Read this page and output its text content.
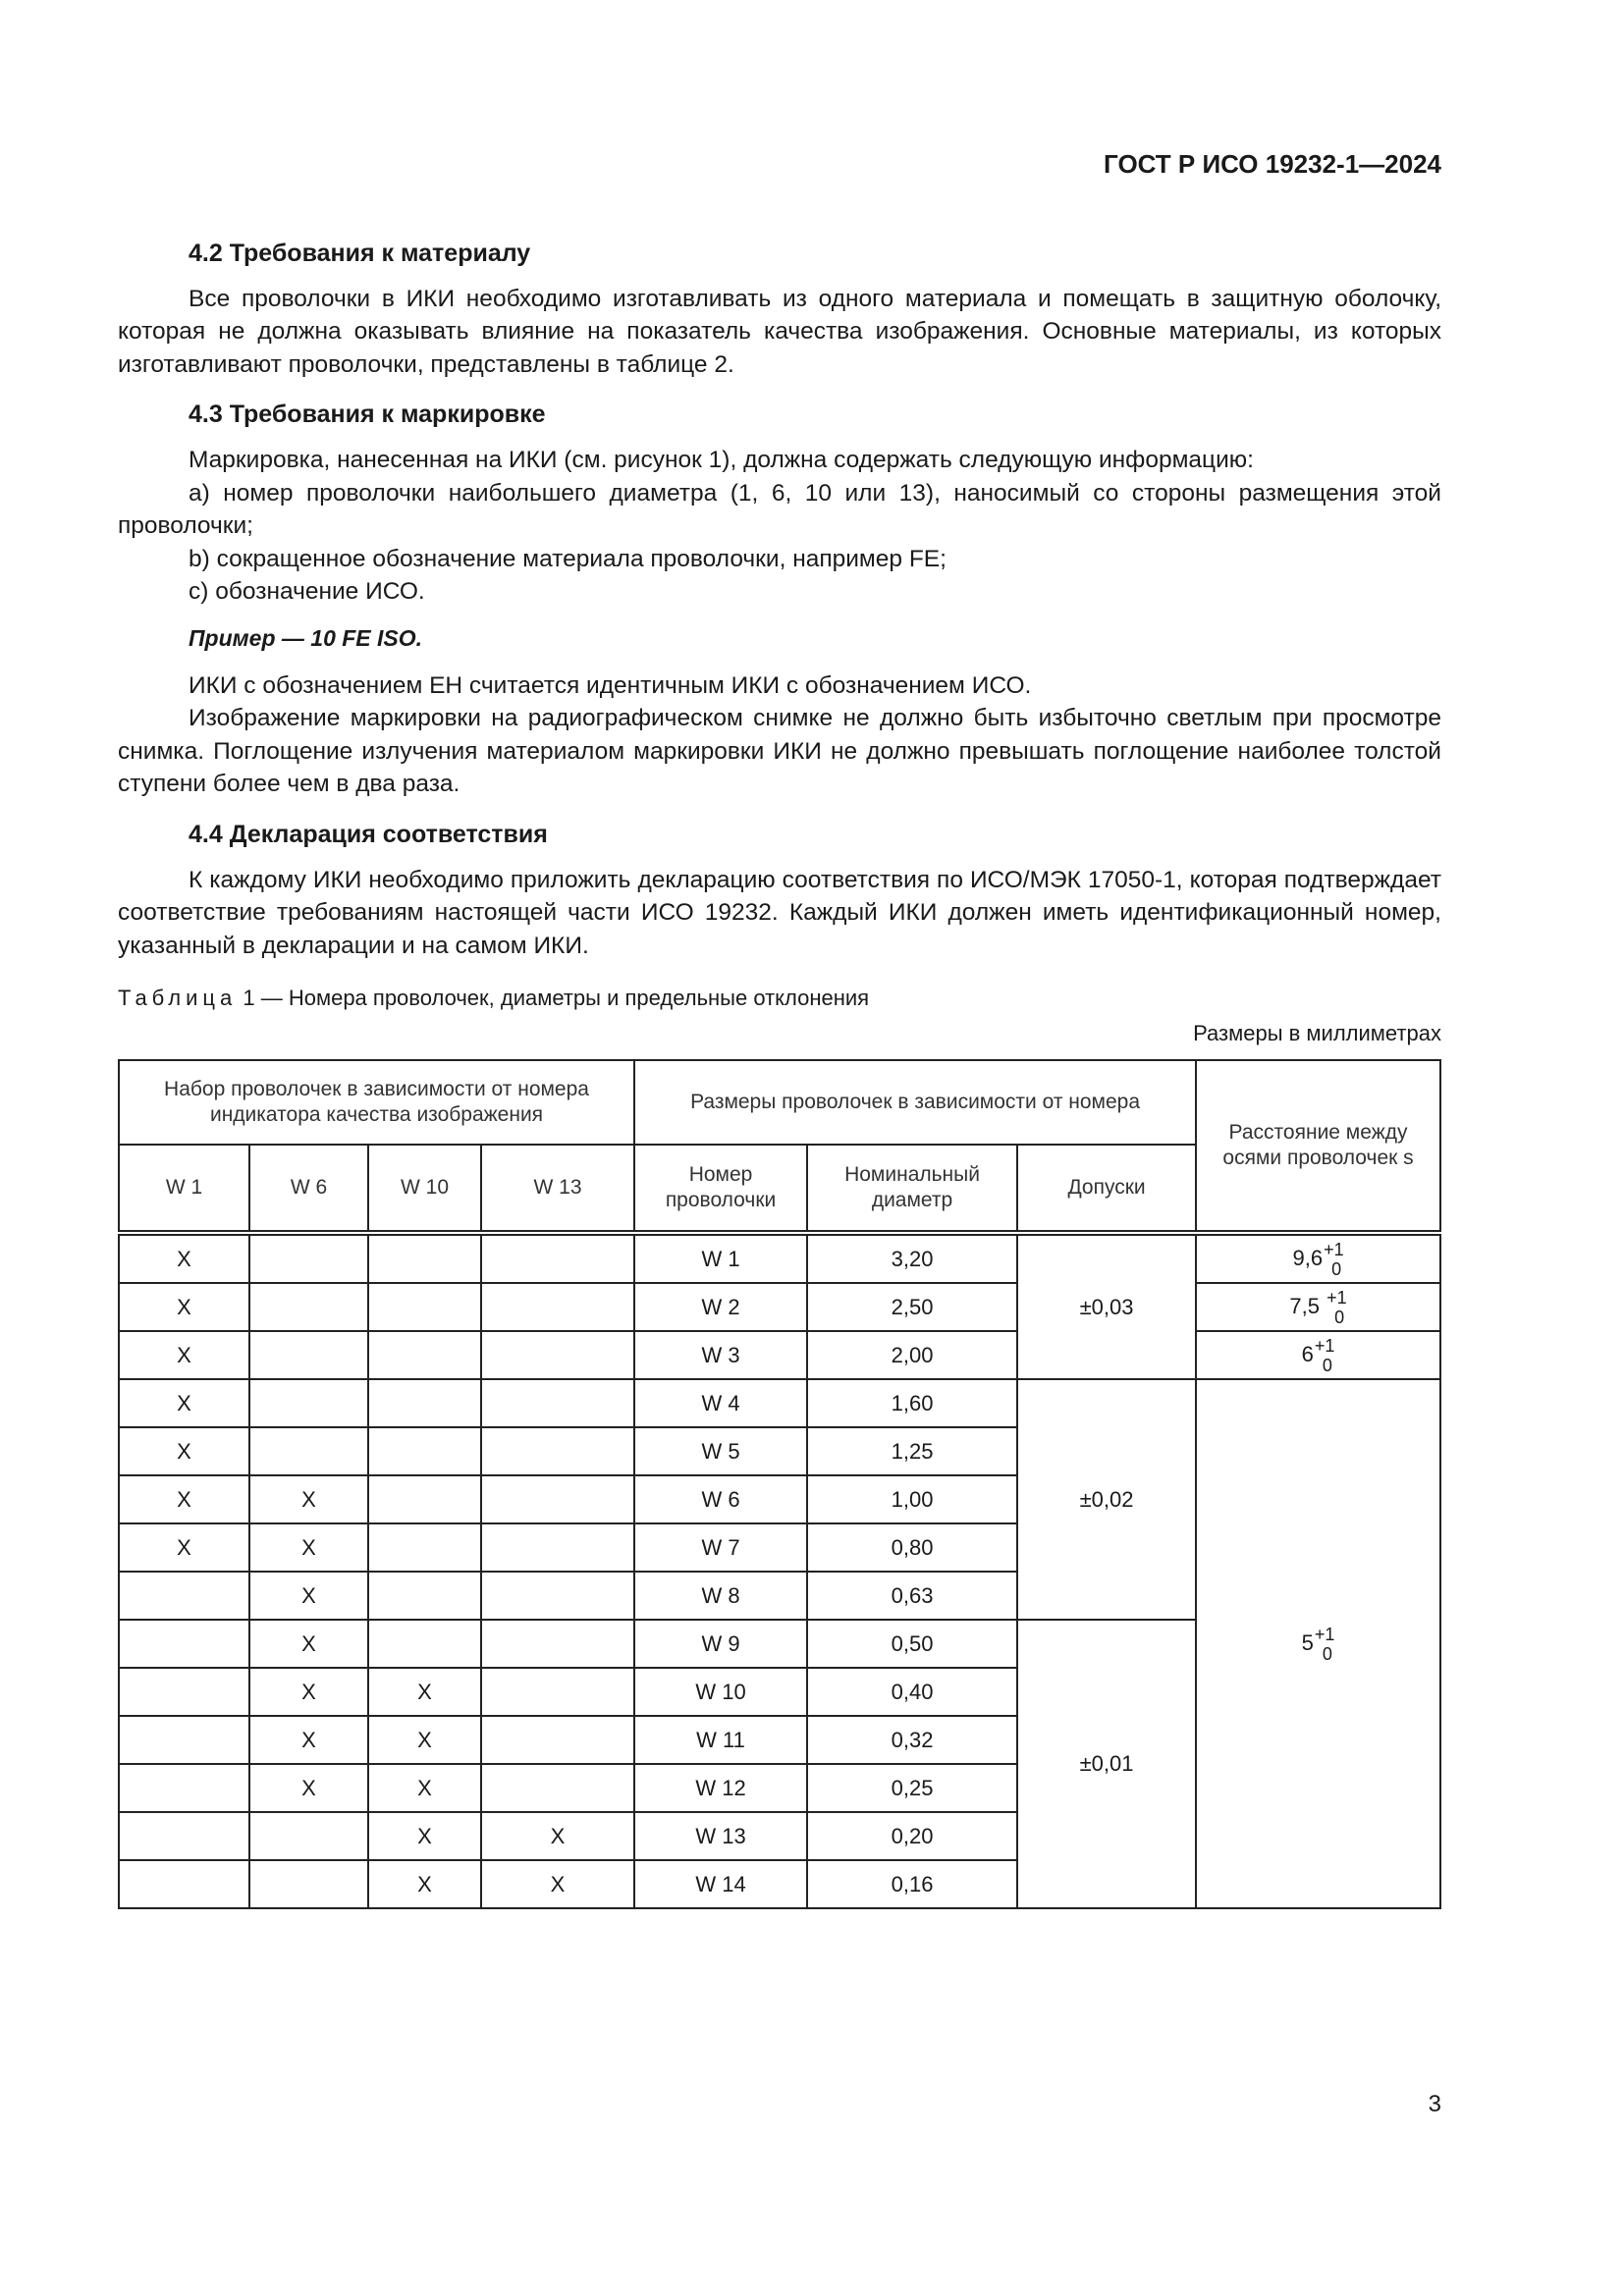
ГОСТ Р ИСО 19232-1—2024
4.2 Требования к материалу

Все проволочки в ИКИ необходимо изготавливать из одного материала и помещать в защитную оболочку, которая не должна оказывать влияние на показатель качества изображения. Основные материалы, из которых изготавливают проволочки, представлены в таблице 2.

4.3 Требования к маркировке

Маркировка, нанесенная на ИКИ (см. рисунок 1), должна содержать следующую информацию:

a) номер проволочки наибольшего диаметра (1, 6, 10 или 13), наносимый со стороны размещения этой проволочки;

b) сокращенное обозначение материала проволочки, например FE;

c) обозначение ИСО.

Пример — 10 FE ISO.

ИКИ с обозначением ЕН считается идентичным ИКИ с обозначением ИСО.

Изображение маркировки на радиографическом снимке не должно быть избыточно светлым при просмотре снимка. Поглощение излучения материалом маркировки ИКИ не должно превышать поглощение наиболее толстой ступени более чем в два раза.

4.4 Декларация соответствия

К каждому ИКИ необходимо приложить декларацию соответствия по ИСО/МЭК 17050-1, которая подтверждает соответствие требованиям настоящей части ИСО 19232. Каждый ИКИ должен иметь идентификационный номер, указанный в декларации и на самом ИКИ.

Таблица 1 — Номера проволочек, диаметры и предельные отклонения
Размеры в миллиметрах
Набор проволочек в зависимости от номера индикатора качества изображения				Размеры проволочек в зависимости от номера			Расстояние между осями проволочек s
W 1	W 6	W 10	W 13	Номер проволочки	Номинальный диаметр	Допуски	
X				W 1	3,20	±0,03	9,6 +1
0

X				W 2	2,50		7,5 +1
0

X				W 3	2,00		6 +1
0

X				W 4	1,60	±0,02	5 +1
0

X				W 5	1,25		
X	X			W 6	1,00		
X	X			W 7	0,80		
	X			W 8	0,63		
	X			W 9	0,50	±0,01	
	X	X		W 10	0,40		
	X	X		W 11	0,32		
	X	X		W 12	0,25		
		X	X	W 13	0,20		
		X	X	W 14	0,16		
3
